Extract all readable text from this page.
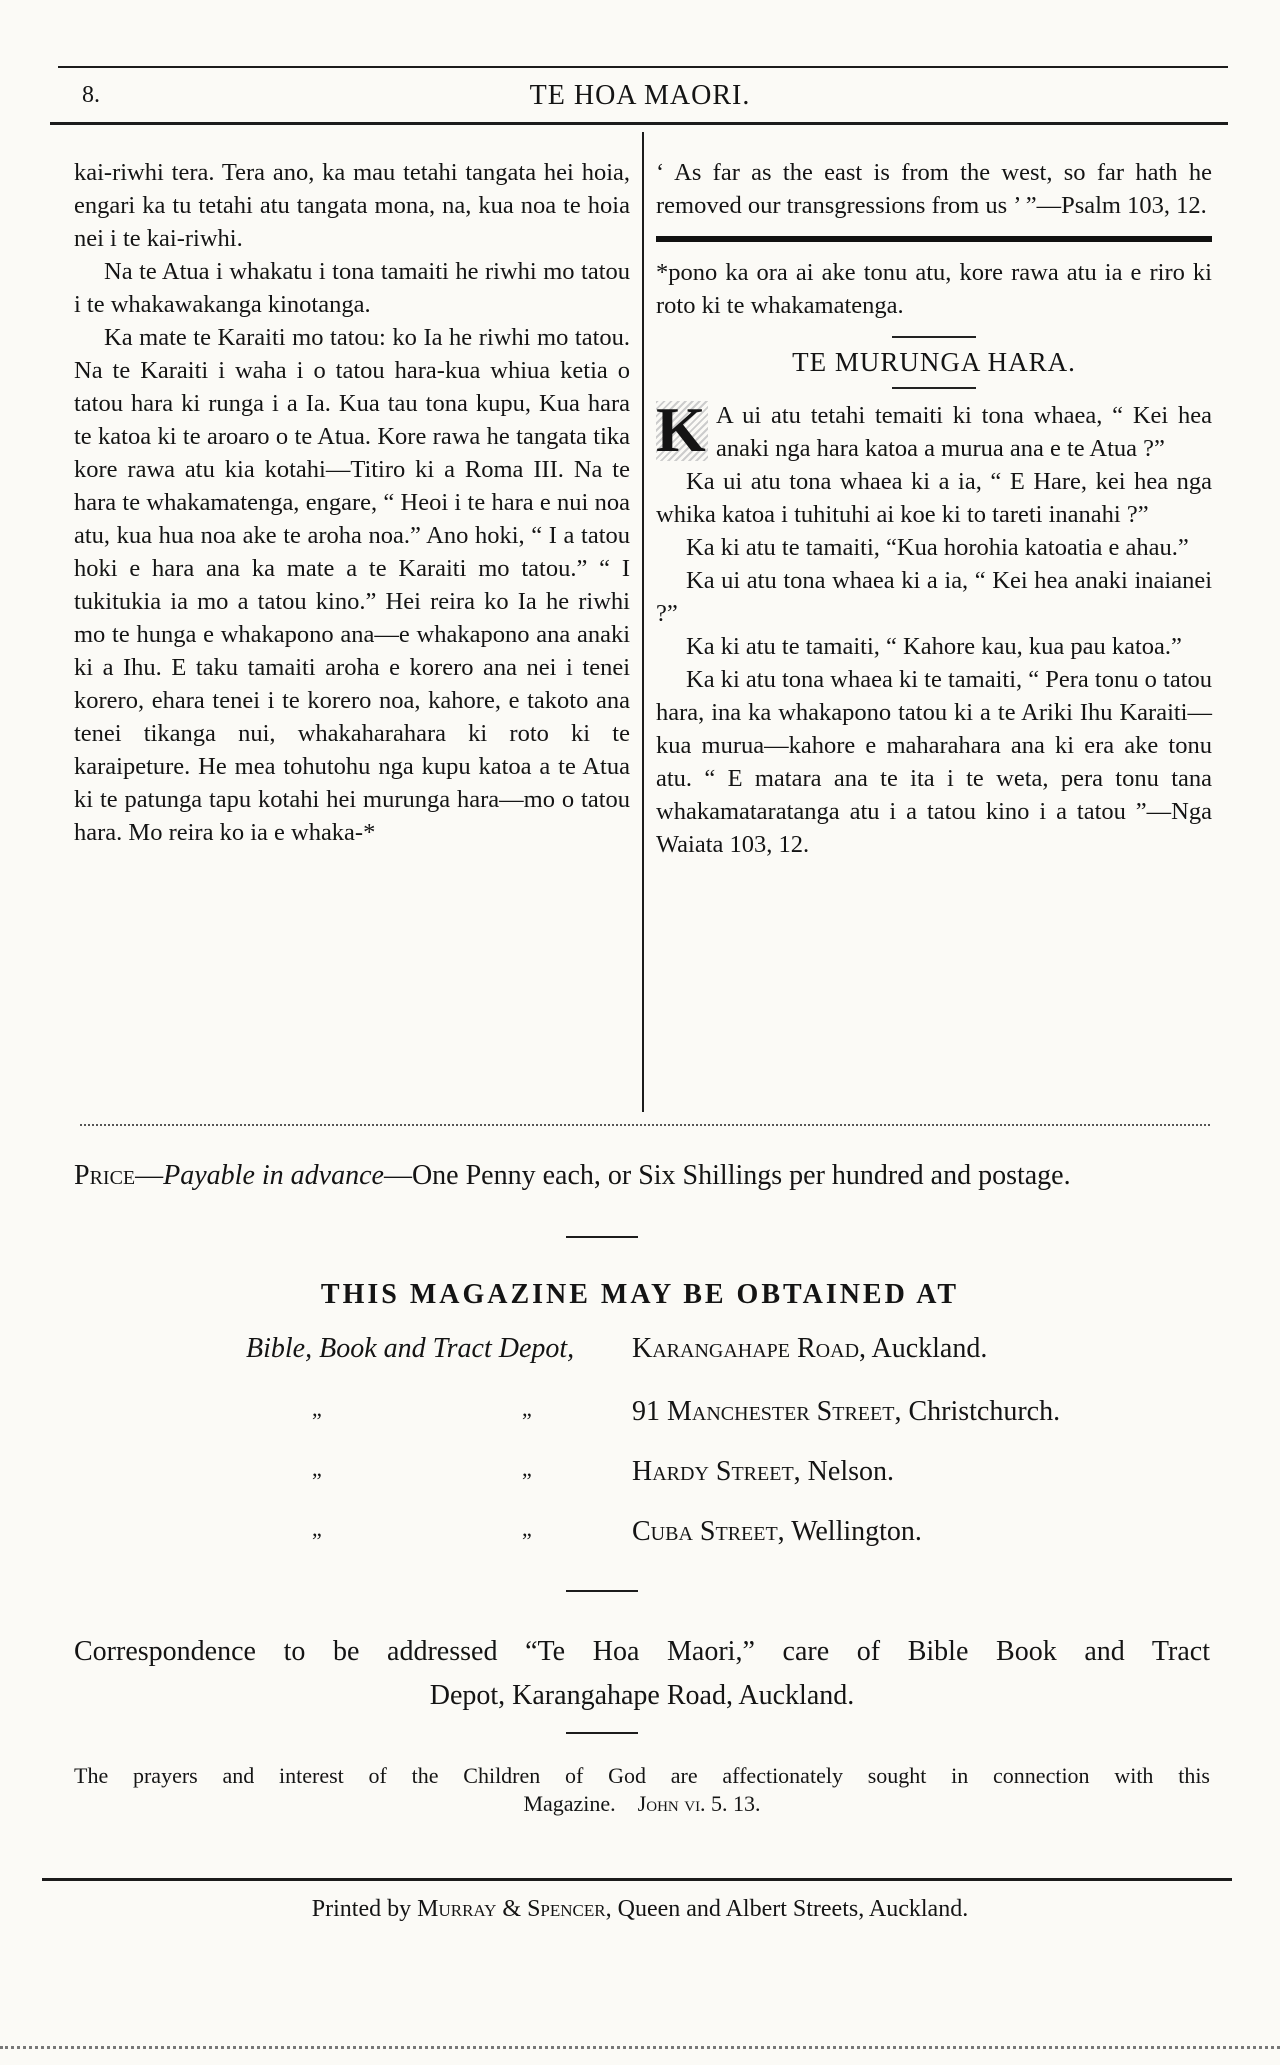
8.	TE HOA MAORI.

kai-riwhi tera. Tera ano, ka mau tetahi tangata hei hoia, engari ka tu tetahi atu tangata mona, na, kua noa te hoia nei i te kai-riwhi.

Na te Atua i whakatu i tona tamaiti he riwhi mo tatou i te whakawakanga kinotanga.

Ka mate te Karaiti mo tatou: ko Ia he riwhi mo tatou. Na te Karaiti i waha i o tatou hara-kua whiua ketia o tatou hara ki runga i a Ia. Kua tau tona kupu, Kua hara te katoa ki te aroaro o te Atua. Kore rawa he tangata tika kore rawa atu kia kotahi—Titiro ki a Roma III. Na te hara te whakamatenga, engare, “ Heoi i te hara e nui noa atu, kua hua noa ake te aroha noa.” Ano hoki, “ I a tatou hoki e hara ana ka mate a te Karaiti mo tatou.” “ I tukitukia ia mo a tatou kino.” Hei reira ko Ia he riwhi mo te hunga e whakapono ana—e whakapono ana anaki ki a Ihu. E taku tamaiti aroha e korero ana nei i tenei korero, ehara tenei i te korero noa, kahore, e takoto ana tenei tikanga nui, whakaharahara ki roto ki te karaipeture. He mea tohutohu nga kupu katoa a te Atua ki te patunga tapu kotahi hei murunga hara—mo o tatou hara. Mo reira ko ia e whaka-*

‘ As far as the east is from the west, so far hath he removed our transgressions from us ’ ”—Psalm 103, 12.

*pono ka ora ai ake tonu atu, kore rawa atu ia e riro ki roto ki te whakamatenga.

TE MURUNGA HARA.

K A ui atu tetahi temaiti ki tona whaea, “ Kei hea anaki nga hara katoa a murua ana e te Atua ?”

Ka ui atu tona whaea ki a ia, “ E Hare, kei hea nga whika katoa i tuhituhi ai koe ki to tareti inanahi ?”

Ka ki atu te tamaiti, “Kua horohia katoatia e ahau.”

Ka ui atu tona whaea ki a ia, “ Kei hea anaki inaianei ?”

Ka ki atu te tamaiti, “ Kahore kau, kua pau katoa.”

Ka ki atu tona whaea ki te tamaiti, “ Pera tonu o tatou hara, ina ka whakapono tatou ki a te Ariki Ihu Karaiti—kua murua—kahore e maharahara ana ki era ake tonu atu. “ E matara ana te ita i te weta, pera tonu tana whakamataratanga atu i a tatou kino i a tatou ”—Nga Waiata 103, 12.

Price—Payable in advance—One Penny each, or Six Shillings per hundred and postage.
THIS MAGAZINE MAY BE OBTAINED AT
Bible, Book and Tract Depot, Karangahape Road, Auckland.
„	„	91 Manchester Street, Christchurch.
„	„	Hardy Street, Nelson.
„	„	Cuba Street, Wellington.
Correspondence to be addressed “Te Hoa Maori,” care of Bible Book and Tract
Depot, Karangahape Road, Auckland.
The prayers and interest of the Children of God are affectionately sought in connection with this
Magazine. John vi. 5. 13.
Printed by Murray & Spencer, Queen and Albert Streets, Auckland.
